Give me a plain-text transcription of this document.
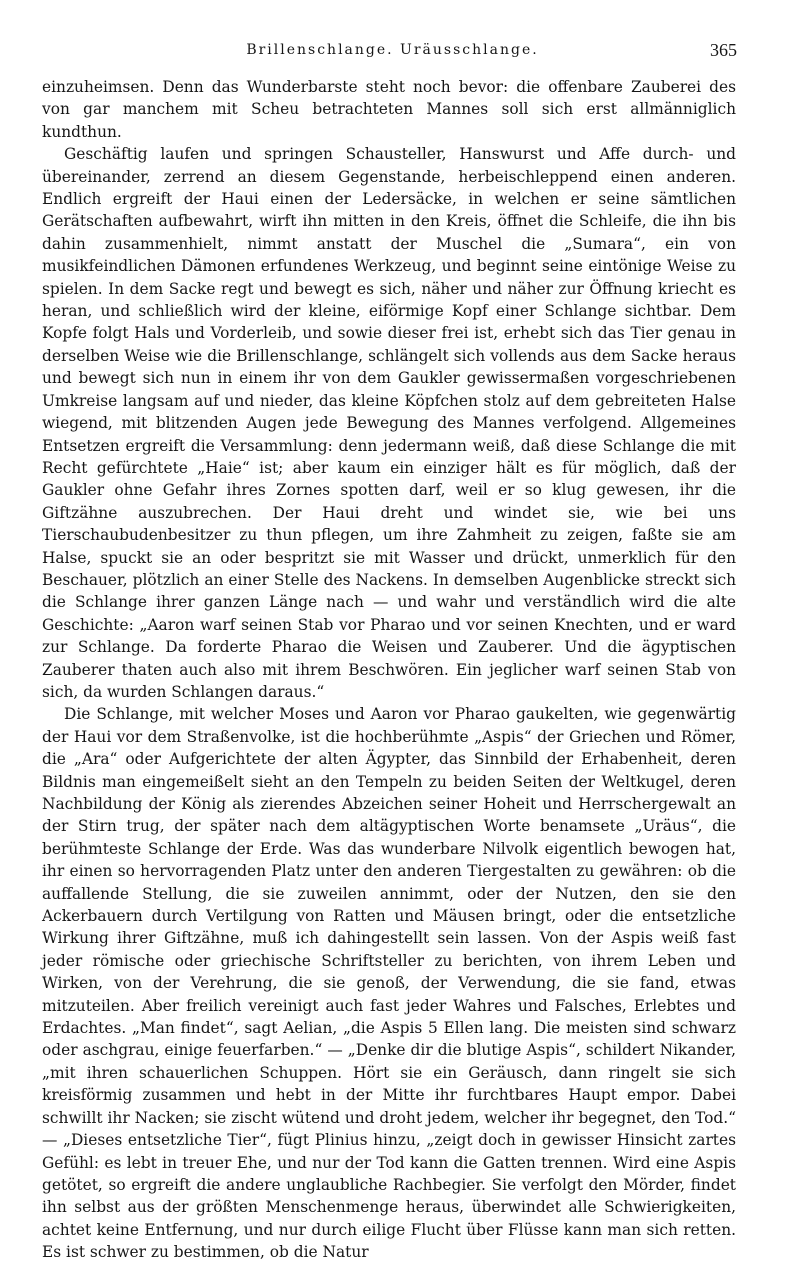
Brillenschlange. Uräusschlange.	365

einzuheimsen. Denn das Wunderbarste steht noch bevor: die offenbare Zauberei des von gar manchem mit Scheu betrachteten Mannes soll sich erst allmänniglich kundthun.

Geschäftig laufen und springen Schausteller, Hanswurst und Affe durch- und übereinander, zerrend an diesem Gegenstande, herbeischleppend einen anderen. Endlich ergreift der Haui einen der Ledersäcke, in welchen er seine sämtlichen Gerätschaften aufbewahrt, wirft ihn mitten in den Kreis, öffnet die Schleife, die ihn bis dahin zusammenhielt, nimmt anstatt der Muschel die „Sumara“, ein von musikfeindlichen Dämonen erfundenes Werkzeug, und beginnt seine eintönige Weise zu spielen. In dem Sacke regt und bewegt es sich, näher und näher zur Öffnung kriecht es heran, und schließlich wird der kleine, eiförmige Kopf einer Schlange sichtbar. Dem Kopfe folgt Hals und Vorderleib, und sowie dieser frei ist, erhebt sich das Tier genau in derselben Weise wie die Brillenschlange, schlängelt sich vollends aus dem Sacke heraus und bewegt sich nun in einem ihr von dem Gaukler gewissermaßen vorgeschriebenen Umkreise langsam auf und nieder, das kleine Köpfchen stolz auf dem gebreiteten Halse wiegend, mit blitzenden Augen jede Bewegung des Mannes verfolgend. Allgemeines Entsetzen ergreift die Versammlung: denn jedermann weiß, daß diese Schlange die mit Recht gefürchtete „Haie“ ist; aber kaum ein einziger hält es für möglich, daß der Gaukler ohne Gefahr ihres Zornes spotten darf, weil er so klug gewesen, ihr die Giftzähne auszubrechen. Der Haui dreht und windet sie, wie bei uns Tierschaubudenbesitzer zu thun pflegen, um ihre Zahmheit zu zeigen, faßte sie am Halse, spuckt sie an oder bespritzt sie mit Wasser und drückt, unmerklich für den Beschauer, plötzlich an einer Stelle des Nackens. In demselben Augenblicke streckt sich die Schlange ihrer ganzen Länge nach — und wahr und verständlich wird die alte Geschichte: „Aaron warf seinen Stab vor Pharao und vor seinen Knechten, und er ward zur Schlange. Da forderte Pharao die Weisen und Zauberer. Und die ägyptischen Zauberer thaten auch also mit ihrem Beschwören. Ein jeglicher warf seinen Stab von sich, da wurden Schlangen daraus.“

Die Schlange, mit welcher Moses und Aaron vor Pharao gaukelten, wie gegenwärtig der Haui vor dem Straßenvolke, ist die hochberühmte „Aspis“ der Griechen und Römer, die „Ara“ oder Aufgerichtete der alten Ägypter, das Sinnbild der Erhabenheit, deren Bildnis man eingemeißelt sieht an den Tempeln zu beiden Seiten der Weltkugel, deren Nachbildung der König als zierendes Abzeichen seiner Hoheit und Herrschergewalt an der Stirn trug, der später nach dem altägyptischen Worte benamsete „Uräus“, die berühmteste Schlange der Erde. Was das wunderbare Nilvolk eigentlich bewogen hat, ihr einen so hervorragenden Platz unter den anderen Tiergestalten zu gewähren: ob die auffallende Stellung, die sie zuweilen annimmt, oder der Nutzen, den sie den Ackerbauern durch Vertilgung von Ratten und Mäusen bringt, oder die entsetzliche Wirkung ihrer Giftzähne, muß ich dahingestellt sein lassen. Von der Aspis weiß fast jeder römische oder griechische Schriftsteller zu berichten, von ihrem Leben und Wirken, von der Verehrung, die sie genoß, der Verwendung, die sie fand, etwas mitzuteilen. Aber freilich vereinigt auch fast jeder Wahres und Falsches, Erlebtes und Erdachtes. „Man findet“, sagt Aelian, „die Aspis 5 Ellen lang. Die meisten sind schwarz oder aschgrau, einige feuerfarben.“ — „Denke dir die blutige Aspis“, schildert Nikander, „mit ihren schauerlichen Schuppen. Hört sie ein Geräusch, dann ringelt sie sich kreisförmig zusammen und hebt in der Mitte ihr furchtbares Haupt empor. Dabei schwillt ihr Nacken; sie zischt wütend und droht jedem, welcher ihr begegnet, den Tod.“ — „Dieses entsetzliche Tier“, fügt Plinius hinzu, „zeigt doch in gewisser Hinsicht zartes Gefühl: es lebt in treuer Ehe, und nur der Tod kann die Gatten trennen. Wird eine Aspis getötet, so ergreift die andere unglaubliche Rachbegier. Sie verfolgt den Mörder, findet ihn selbst aus der größten Menschenmenge heraus, überwindet alle Schwierigkeiten, achtet keine Entfernung, und nur durch eilige Flucht über Flüsse kann man sich retten. Es ist schwer zu bestimmen, ob die Natur
